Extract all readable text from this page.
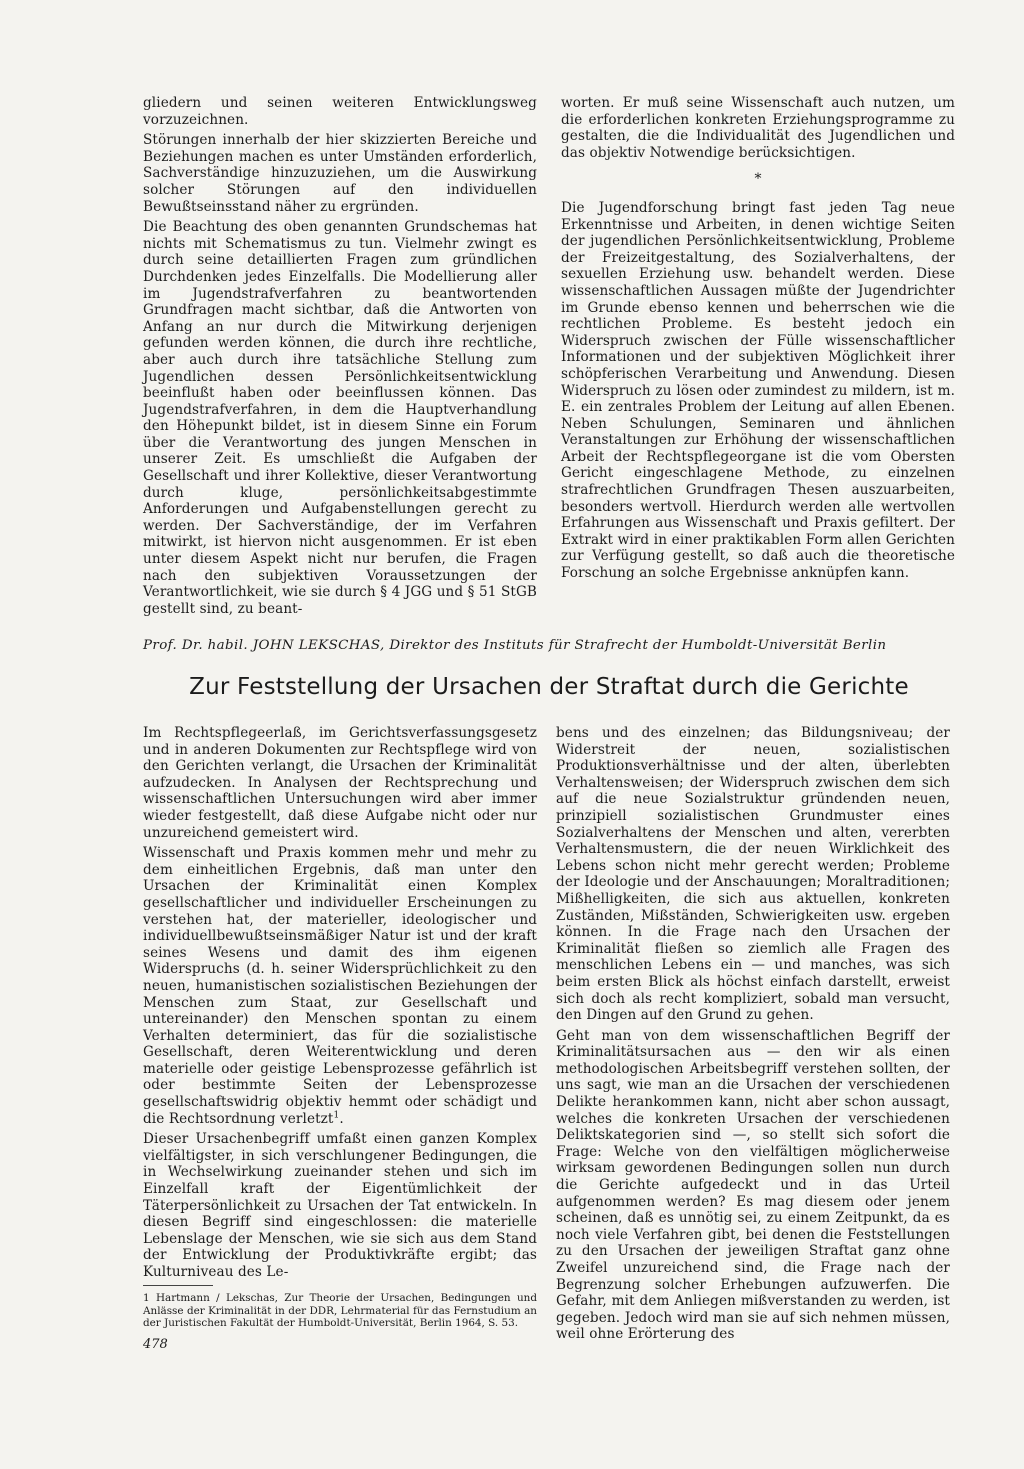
gliedern und seinen weiteren Entwicklungsweg vorzuzeichnen.

Störungen innerhalb der hier skizzierten Bereiche und Beziehungen machen es unter Umständen erforderlich, Sachverständige hinzuzuziehen, um die Auswirkung solcher Störungen auf den individuellen Bewußtseinsstand näher zu ergründen.

Die Beachtung des oben genannten Grundschemas hat nichts mit Schematismus zu tun. Vielmehr zwingt es durch seine detaillierten Fragen zum gründlichen Durchdenken jedes Einzelfalls. Die Modellierung aller im Jugendstrafverfahren zu beantwortenden Grundfragen macht sichtbar, daß die Antworten von Anfang an nur durch die Mitwirkung derjenigen gefunden werden können, die durch ihre rechtliche, aber auch durch ihre tatsächliche Stellung zum Jugendlichen dessen Persönlichkeitsentwicklung beeinflußt haben oder beeinflussen können. Das Jugendstrafverfahren, in dem die Hauptverhandlung den Höhepunkt bildet, ist in diesem Sinne ein Forum über die Verantwortung des jungen Menschen in unserer Zeit. Es umschließt die Aufgaben der Gesellschaft und ihrer Kollektive, dieser Verantwortung durch kluge, persönlichkeitsabgestimmte Anforderungen und Aufgabenstellungen gerecht zu werden. Der Sachverständige, der im Verfahren mitwirkt, ist hiervon nicht ausgenommen. Er ist eben unter diesem Aspekt nicht nur berufen, die Fragen nach den subjektiven Voraussetzungen der Verantwortlichkeit, wie sie durch § 4 JGG und § 51 StGB gestellt sind, zu beant-

worten. Er muß seine Wissenschaft auch nutzen, um die erforderlichen konkreten Erziehungsprogramme zu gestalten, die die Individualität des Jugendlichen und das objektiv Notwendige berücksichtigen.

*

Die Jugendforschung bringt fast jeden Tag neue Erkenntnisse und Arbeiten, in denen wichtige Seiten der jugendlichen Persönlichkeitsentwicklung, Probleme der Freizeitgestaltung, des Sozialverhaltens, der sexuellen Erziehung usw. behandelt werden. Diese wissenschaftlichen Aussagen müßte der Jugendrichter im Grunde ebenso kennen und beherrschen wie die rechtlichen Probleme. Es besteht jedoch ein Widerspruch zwischen der Fülle wissenschaftlicher Informationen und der subjektiven Möglichkeit ihrer schöpferischen Verarbeitung und Anwendung. Diesen Widerspruch zu lösen oder zumindest zu mildern, ist m. E. ein zentrales Problem der Leitung auf allen Ebenen. Neben Schulungen, Seminaren und ähnlichen Veranstaltungen zur Erhöhung der wissenschaftlichen Arbeit der Rechtspflegeorgane ist die vom Obersten Gericht eingeschlagene Methode, zu einzelnen strafrechtlichen Grundfragen Thesen auszuarbeiten, besonders wertvoll. Hierdurch werden alle wertvollen Erfahrungen aus Wissenschaft und Praxis gefiltert. Der Extrakt wird in einer praktikablen Form allen Gerichten zur Verfügung gestellt, so daß auch die theoretische Forschung an solche Ergebnisse anknüpfen kann.

Prof. Dr. habil. JOHN LEKSCHAS, Direktor des Instituts für Strafrecht der Humboldt-Universität Berlin
Zur Feststellung der Ursachen der Straftat durch die Gerichte

Im Rechtspflegeerlaß, im Gerichtsverfassungsgesetz und in anderen Dokumenten zur Rechtspflege wird von den Gerichten verlangt, die Ursachen der Kriminalität aufzudecken. In Analysen der Rechtsprechung und wissenschaftlichen Untersuchungen wird aber immer wieder festgestellt, daß diese Aufgabe nicht oder nur unzureichend gemeistert wird.

Wissenschaft und Praxis kommen mehr und mehr zu dem einheitlichen Ergebnis, daß man unter den Ursachen der Kriminalität einen Komplex gesellschaftlicher und individueller Erscheinungen zu verstehen hat, der materieller, ideologischer und individuellbewußtseinsmäßiger Natur ist und der kraft seines Wesens und damit des ihm eigenen Widerspruchs (d. h. seiner Widersprüchlichkeit zu den neuen, humanistischen sozialistischen Beziehungen der Menschen zum Staat, zur Gesellschaft und untereinander) den Menschen spontan zu einem Verhalten determiniert, das für die sozialistische Gesellschaft, deren Weiterentwicklung und deren materielle oder geistige Lebensprozesse gefährlich ist oder bestimmte Seiten der Lebensprozesse gesellschaftswidrig objektiv hemmt oder schädigt und die Rechtsordnung verletzt$^1$.

Dieser Ursachenbegriff umfaßt einen ganzen Komplex vielfältigster, in sich verschlungener Bedingungen, die in Wechselwirkung zueinander stehen und sich im Einzelfall kraft der Eigentümlichkeit der Täterpersönlichkeit zu Ursachen der Tat entwickeln. In diesen Begriff sind eingeschlossen: die materielle Lebenslage der Menschen, wie sie sich aus dem Stand der Entwicklung der Produktivkräfte ergibt; das Kulturniveau des Le-

bens und des einzelnen; das Bildungsniveau; der Widerstreit der neuen, sozialistischen Produktionsverhältnisse und der alten, überlebten Verhaltensweisen; der Widerspruch zwischen dem sich auf die neue Sozialstruktur gründenden neuen, prinzipiell sozialistischen Grundmuster eines Sozialverhaltens der Menschen und alten, vererbten Verhaltensmustern, die der neuen Wirklichkeit des Lebens schon nicht mehr gerecht werden; Probleme der Ideologie und der Anschauungen; Moraltraditionen; Mißhelligkeiten, die sich aus aktuellen, konkreten Zuständen, Mißständen, Schwierigkeiten usw. ergeben können. In die Frage nach den Ursachen der Kriminalität fließen so ziemlich alle Fragen des menschlichen Lebens ein — und manches, was sich beim ersten Blick als höchst einfach darstellt, erweist sich doch als recht kompliziert, sobald man versucht, den Dingen auf den Grund zu gehen.

Geht man von dem wissenschaftlichen Begriff der Kriminalitätsursachen aus — den wir als einen methodologischen Arbeitsbegriff verstehen sollten, der uns sagt, wie man an die Ursachen der verschiedenen Delikte herankommen kann, nicht aber schon aussagt, welches die konkreten Ursachen der verschiedenen Deliktskategorien sind —, so stellt sich sofort die Frage: Welche von den vielfältigen möglicherweise wirksam gewordenen Bedingungen sollen nun durch die Gerichte aufgedeckt und in das Urteil aufgenommen werden? Es mag diesem oder jenem scheinen, daß es unnötig sei, zu einem Zeitpunkt, da es noch viele Verfahren gibt, bei denen die Feststellungen zu den Ursachen der jeweiligen Straftat ganz ohne Zweifel unzureichend sind, die Frage nach der Begrenzung solcher Erhebungen aufzuwerfen. Die Gefahr, mit dem Anliegen mißverstanden zu werden, ist gegeben. Jedoch wird man sie auf sich nehmen müssen, weil ohne Erörterung des

1 Hartmann / Lekschas, Zur Theorie der Ursachen, Bedingungen und Anlässe der Kriminalität in der DDR, Lehrmaterial für das Fernstudium an der Juristischen Fakultät der Humboldt-Universität, Berlin 1964, S. 53.

478
